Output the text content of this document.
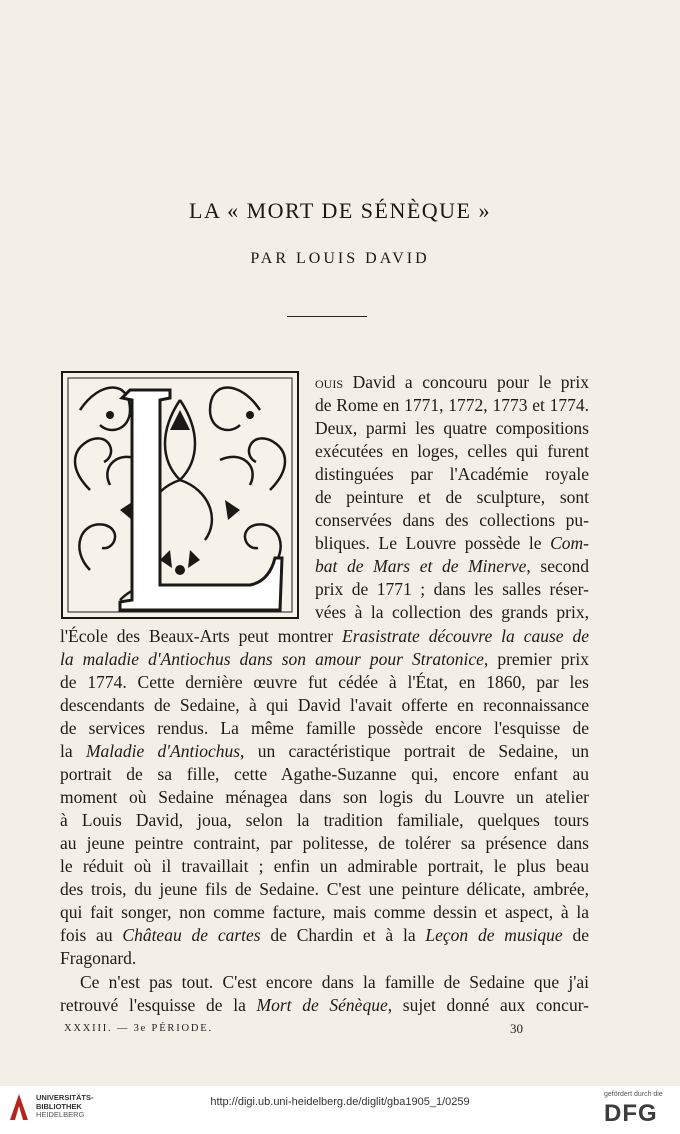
LA « MORT DE SÉNÈQUE »
PAR LOUIS DAVID
L
ouis David a concouru pour le prix
de Rome en 1771, 1772, 1773 et 1774.
Deux, parmi les quatre compositions
exécutées en loges, celles qui furent
distinguées par l'Académie royale
de peinture et de sculpture, sont
conservées dans des collections pu-
bliques. Le Louvre possède le Com-
bat de Mars et de Minerve, second
prix de 1771 ; dans les salles réser-
vées à la collection des grands prix,
l'École des Beaux-Arts peut montrer Erasistrate découvre la cause de
la maladie d'Antiochus dans son amour pour Stratonice, premier prix
de 1774. Cette dernière œuvre fut cédée à l'État, en 1860, par les
descendants de Sedaine, à qui David l'avait offerte en reconnaissance
de services rendus. La même famille possède encore l'esquisse de
la Maladie d'Antiochus, un caractéristique portrait de Sedaine, un
portrait de sa fille, cette Agathe-Suzanne qui, encore enfant au
moment où Sedaine ménagea dans son logis du Louvre un atelier
à Louis David, joua, selon la tradition familiale, quelques tours
au jeune peintre contraint, par politesse, de tolérer sa présence dans
le réduit où il travaillait ; enfin un admirable portrait, le plus beau
des trois, du jeune fils de Sedaine. C'est une peinture délicate, ambrée,
qui fait songer, non comme facture, mais comme dessin et aspect, à la
fois au Château de cartes de Chardin et à la Leçon de musique de
Fragonard.
Ce n'est pas tout. C'est encore dans la famille de Sedaine que j'ai
retrouvé l'esquisse de la Mort de Sénèque, sujet donné aux concur-
XXXIII. — 3e PÉRIODE.	30
UNIVERSITÄTS-
BIBLIOTHEK
HEIDELBERG
http://digi.ub.uni-heidelberg.de/diglit/gba1905_1/0259
gefördert durch die
DFG
